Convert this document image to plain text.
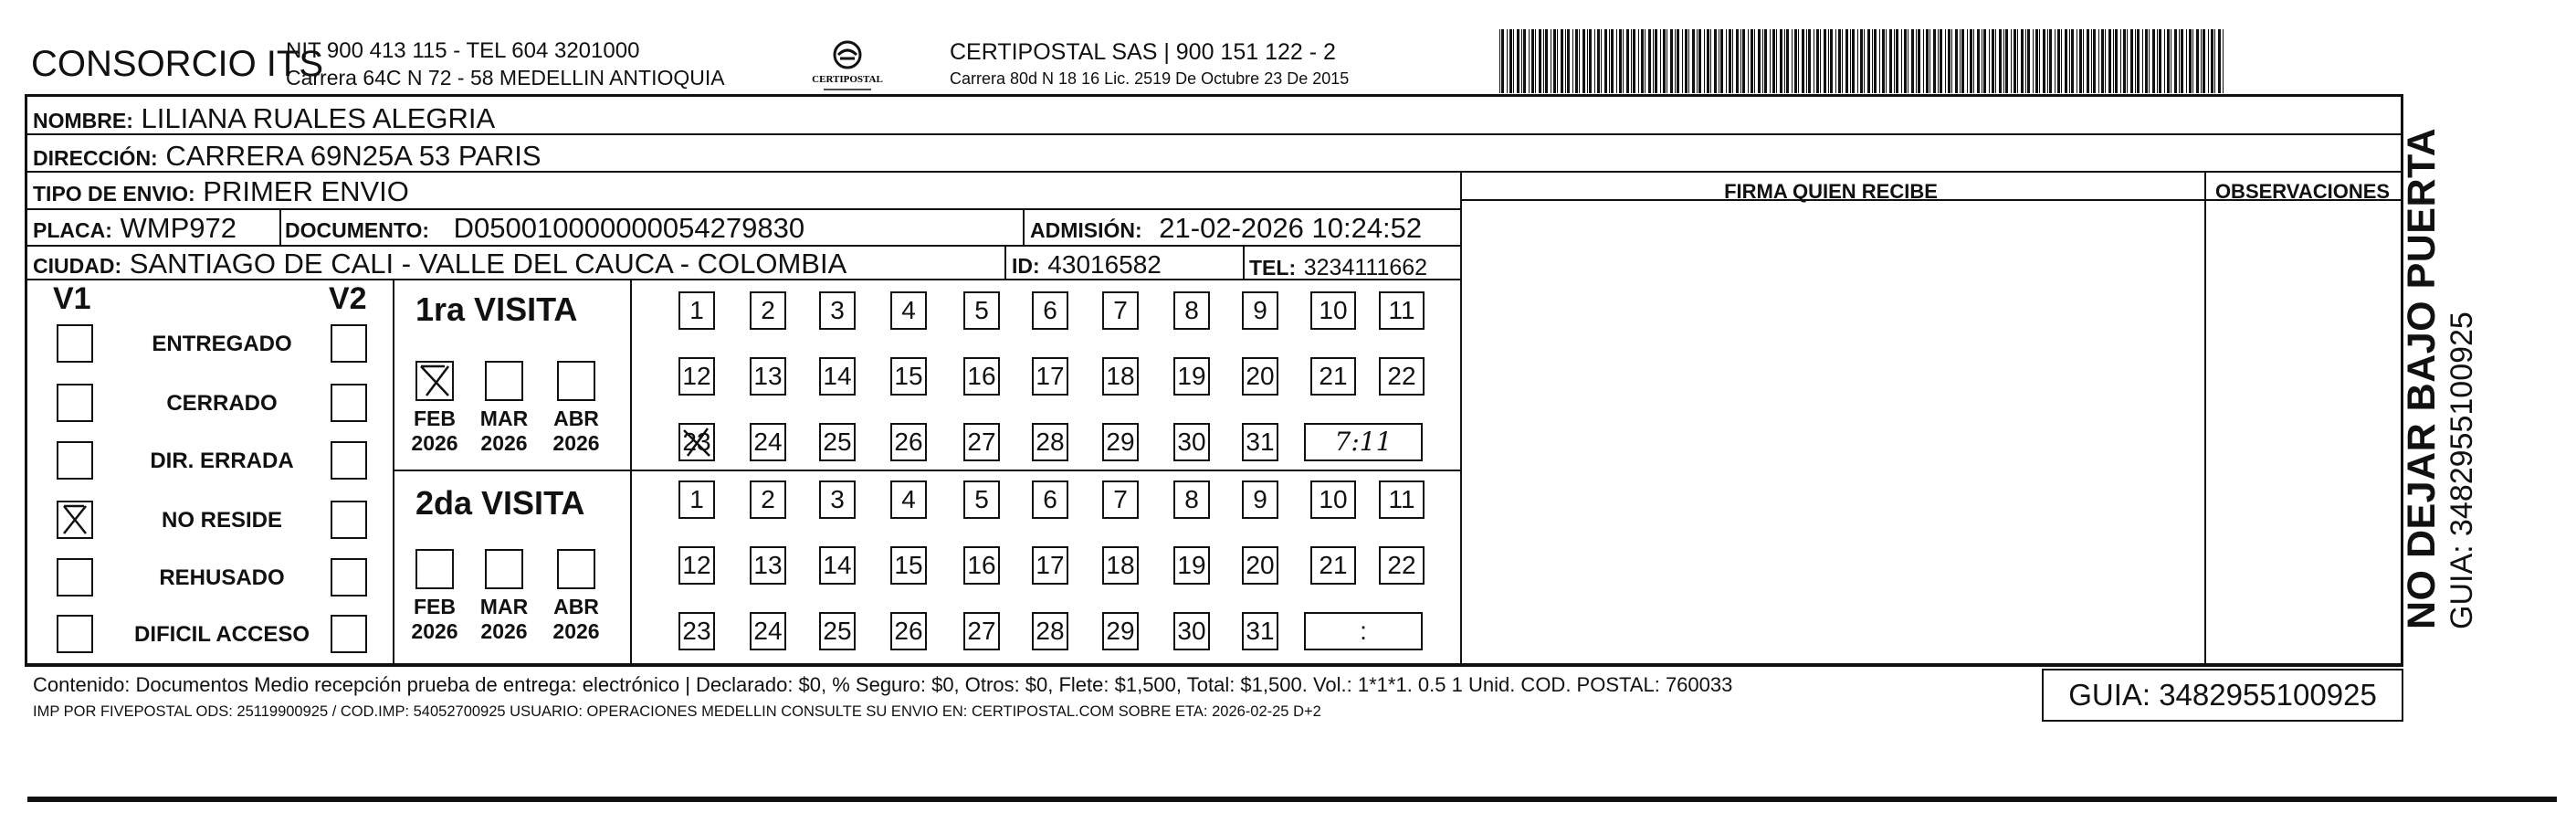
CONSORCIO ITS
NIT 900 413 115 - TEL 604 3201000
Carrera 64C N 72 - 58 MEDELLIN ANTIOQUIA	CERTIPOSTAL
CERTIPOSTAL SAS | 900 151 122 - 2
Carrera 80d N 18 16 Lic. 2519 De Octubre 23 De 2015
NOMBRE: LILIANA RUALES ALEGRIA
DIRECCIÓN: CARRERA 69N25A 53 PARIS
TIPO DE ENVIO: PRIMER ENVIO
PLACA: WMP972 DOCUMENTO: D050010000000054279830	ADMISIÓN: 21-02-2026 10:24:52
CIUDAD: SANTIAGO DE CALI - VALLE DEL CAUCA - COLOMBIA	ID: 43016582	TEL: 3234111662
FIRMA QUIEN RECIBE	OBSERVACIONES
V1	V2
ENTREGADO
CERRADO
DIR. ERRADA
NO RESIDE
REHUSADO
DIFICIL ACCESO
1ra VISITA
FEB
2026
MAR
2026
ABR
2026
1	2	3	4	5	6	7	8	9	10	11
12 13 14 15 16 17 18 19 20	21	22
23 24 25 26 27 28 29 30 31	7:11
2da VISITA
FEB
2026
MAR
2026
ABR
2026
1	2	3	4	5	6	7	8	9	10	11
12 13 14 15 16 17 18 19 20	21	22
23 24 25 26 27 28 29 30 31	:
Contenido: Documentos Medio recepción prueba de entrega: electrónico | Declarado: $0, % Seguro: $0, Otros: $0, Flete: $1,500, Total: $1,500. Vol.: 1*1*1. 0.5 1 Unid. COD. POSTAL: 760033
IMP POR FIVEPOSTAL ODS: 25119900925 / COD.IMP: 54052700925 USUARIO: OPERACIONES MEDELLIN CONSULTE SU ENVIO EN: CERTIPOSTAL.COM SOBRE ETA: 2026-02-25 D+2	GUIA: 3482955100925
NO DEJAR BAJO PUERTA GUIA: 3482955100925
